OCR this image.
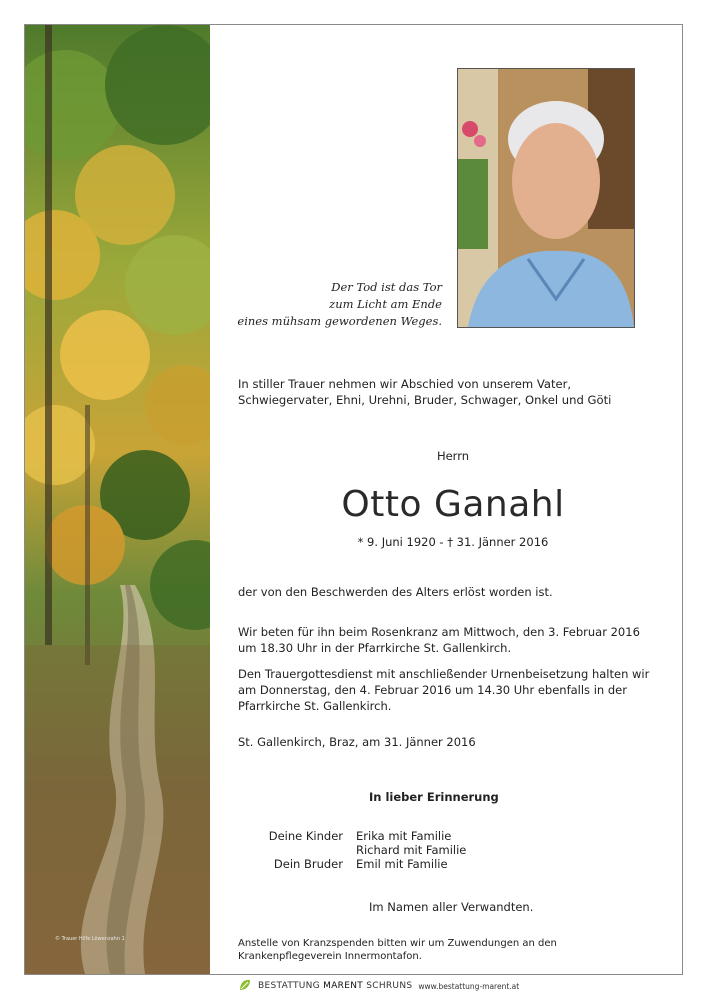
© Trauer Hilfe Löwenzahn 1
Der Tod ist das Tor
zum Licht am Ende
eines mühsam gewordenen Weges.
In stiller Trauer nehmen wir Abschied von unserem Vater, Schwiegervater, Ehni, Urehni, Bruder, Schwager, Onkel und Göti
Herrn
Otto Ganahl
* 9. Juni 1920 - † 31. Jänner 2016
der von den Beschwerden des Alters erlöst worden ist.
Wir beten für ihn beim Rosenkranz am Mittwoch, den 3. Februar 2016 um 18.30 Uhr in der Pfarrkirche St. Gallenkirch.
Den Trauergottesdienst mit anschließender Urnenbeisetzung halten wir am Donnerstag, den 4. Februar 2016 um 14.30 Uhr ebenfalls in der Pfarrkirche St. Gallenkirch.
St. Gallenkirch, Braz, am 31. Jänner 2016
In lieber Erinnerung
Deine Kinder	Erika mit Familie
Richard mit Familie
Dein Bruder	Emil mit Familie
Im Namen aller Verwandten.
Anstelle von Kranzspenden bitten wir um Zuwendungen an den Krankenpflegeverein Innermontafon.
BESTATTUNG MARENT SCHRUNS www.bestattung-marent.at
